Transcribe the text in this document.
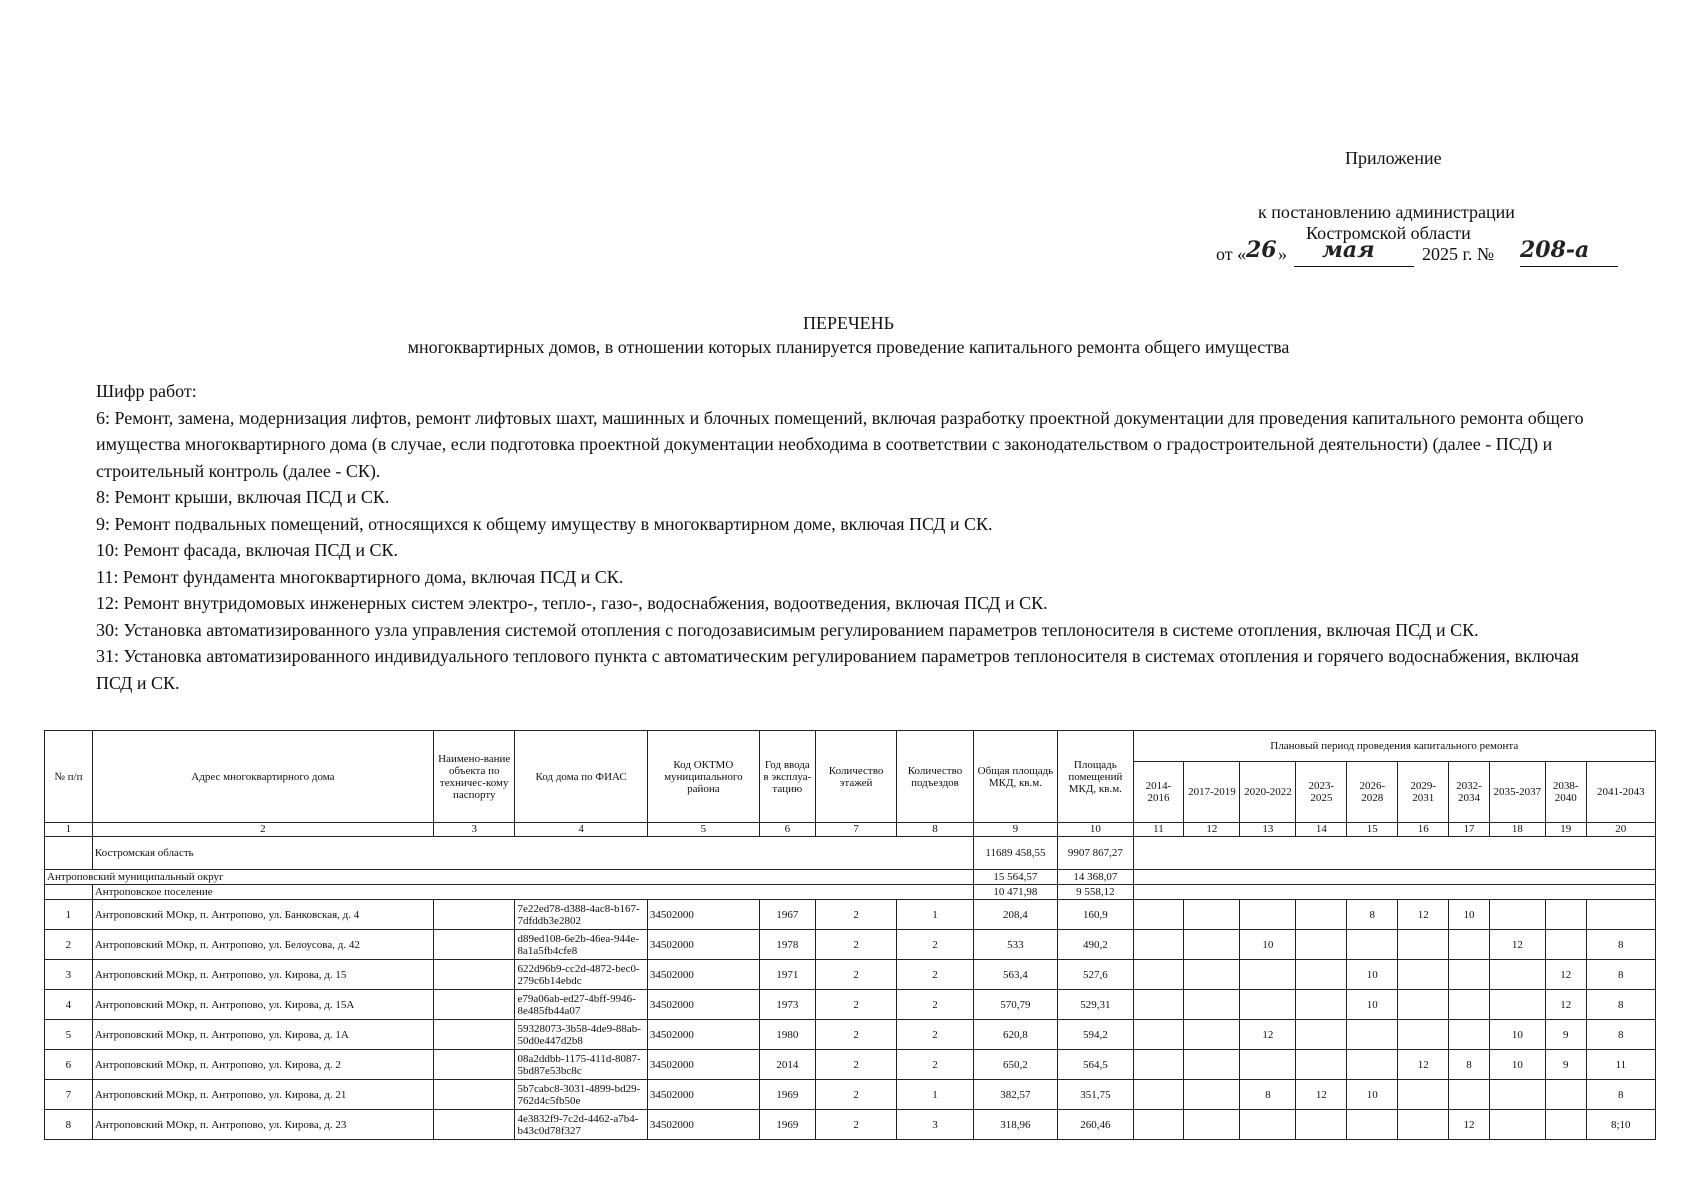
Приложение
к постановлению администрации
Костромской области
от « 26 » мая	2025 г. № 208-а
ПЕРЕЧЕНЬ
многоквартирных домов, в отношении которых планируется проведение капитального ремонта общего имущества

Шифр работ:

6: Ремонт, замена, модернизация лифтов, ремонт лифтовых шахт, машинных и блочных помещений, включая разработку проектной документации для проведения капитального ремонта общего имущества многоквартирного дома (в случае, если подготовка проектной документации необходима в соответствии с законодательством о градостроительной деятельности) (далее - ПСД) и строительный контроль (далее - СК).

8: Ремонт крыши, включая ПСД и СК.

9: Ремонт подвальных помещений, относящихся к общему имуществу в многоквартирном доме, включая ПСД и СК.

10: Ремонт фасада, включая ПСД и СК.

11: Ремонт фундамента многоквартирного дома, включая ПСД и СК.

12: Ремонт внутридомовых инженерных систем электро-, тепло-, газо-, водоснабжения, водоотведения, включая ПСД и СК.

30: Установка автоматизированного узла управления системой отопления с погодозависимым регулированием параметров теплоносителя в системе отопления, включая ПСД и СК.

31: Установка автоматизированного индивидуального теплового пункта с автоматическим регулированием параметров теплоносителя в системах отопления и горячего водоснабжения, включая ПСД и СК.

№ п/п	Адрес многоквартирного дома	Наимено-вание объекта по техничес-кому паспорту	Код дома по ФИАС	Код ОКТМО муниципального района	Год ввода в эксплуа-тацию	Количество этажей	Количество подъездов	Общая площадь МКД, кв.м.	Площадь помещений МКД, кв.м.	Плановый период проведения капитального ремонта									
										2014-2016	2017-2019	2020-2022	2023-2025	2026-2028	2029-2031	2032-2034	2035-2037	2038-2040	2041-2043
1	2	3	4	5	6	7	8	9	10	11	12	13	14	15	16	17	18	19	20
	Костромская область							11689 458,55	9907 867,27										
Антроповский муниципальный округ								15 564,57	14 368,07										
	Антроповское поселение							10 471,98	9 558,12										
1	Антроповский МОкр, п. Антропово, ул. Банковская, д. 4		7e22ed78-d388-4ac8-b167-7dfddb3e2802	34502000	1967	2	1	208,4	160,9					8	12	10			
2	Антроповский МОкр, п. Антропово, ул. Белоусова, д. 42		d89ed108-6e2b-46ea-944e-8a1a5fb4cfe8	34502000	1978	2	2	533	490,2			10					12		8
3	Антроповский МОкр, п. Антропово, ул. Кирова, д. 15		622d96b9-cc2d-4872-bec0-279c6b14ebdc	34502000	1971	2	2	563,4	527,6					10				12	8
4	Антроповский МОкр, п. Антропово, ул. Кирова, д. 15А		e79a06ab-ed27-4bff-9946-8e485fb44a07	34502000	1973	2	2	570,79	529,31					10				12	8
5	Антроповский МОкр, п. Антропово, ул. Кирова, д. 1А		59328073-3b58-4de9-88ab-50d0e447d2b8	34502000	1980	2	2	620,8	594,2			12					10	9	8
6	Антроповский МОкр, п. Антропово, ул. Кирова, д. 2		08a2ddbb-1175-411d-8087-5bd87e53bc8c	34502000	2014	2	2	650,2	564,5						12	8	10	9	11
7	Антроповский МОкр, п. Антропово, ул. Кирова, д. 21		5b7cabc8-3031-4899-bd29-762d4c5fb50e	34502000	1969	2	1	382,57	351,75			8	12	10					8
8	Антроповский МОкр, п. Антропово, ул. Кирова, д. 23		4e3832f9-7c2d-4462-a7b4-b43c0d78f327	34502000	1969	2	3	318,96	260,46							12			8;10
